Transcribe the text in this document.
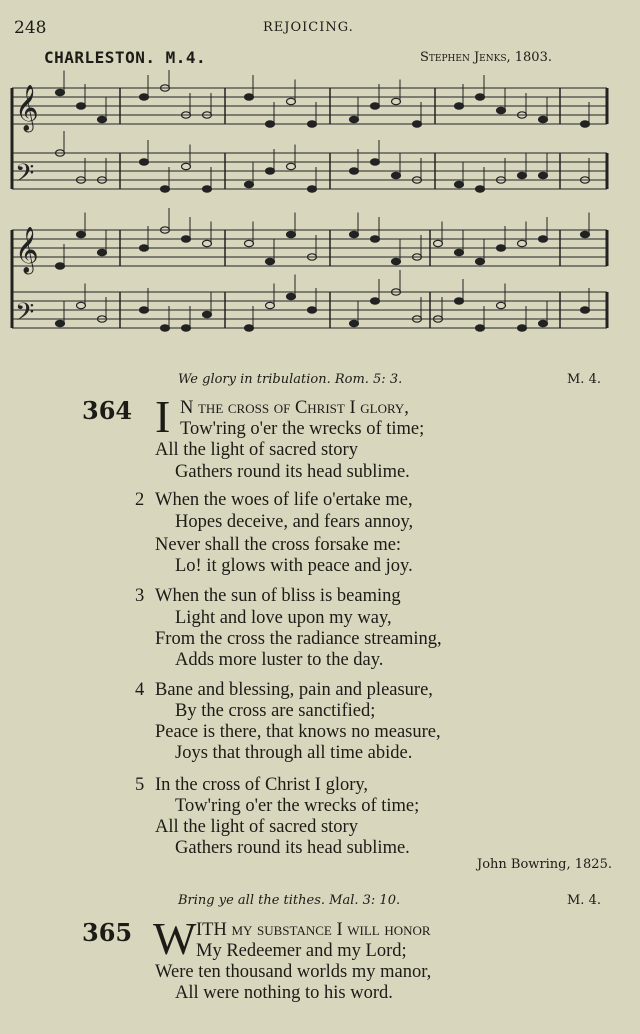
248	REJOICING.
CHARLESTON. M.4.	Stephen Jenks, 1803.
𝄞
𝄢
𝄞
𝄢
We glory in tribulation. Rom. 5: 3.	M. 4.
364 I N the cross of Christ I glory,
Tow'ring o'er the wrecks of time;
All the light of sacred story
Gathers round its head sublime.
2 When the woes of life o'ertake me,
Hopes deceive, and fears annoy,
Never shall the cross forsake me:
Lo! it glows with peace and joy.
3 When the sun of bliss is beaming
Light and love upon my way,
From the cross the radiance streaming,
Adds more luster to the day.
4 Bane and blessing, pain and pleasure,
By the cross are sanctified;
Peace is there, that knows no measure,
Joys that through all time abide.
5 In the cross of Christ I glory,
Tow'ring o'er the wrecks of time;
All the light of sacred story
Gathers round its head sublime.
John Bowring, 1825.
Bring ye all the tithes. Mal. 3: 10.	M. 4.
365 W ITH my substance I will honor
My Redeemer and my Lord;
Were ten thousand worlds my manor,
All were nothing to his word.
